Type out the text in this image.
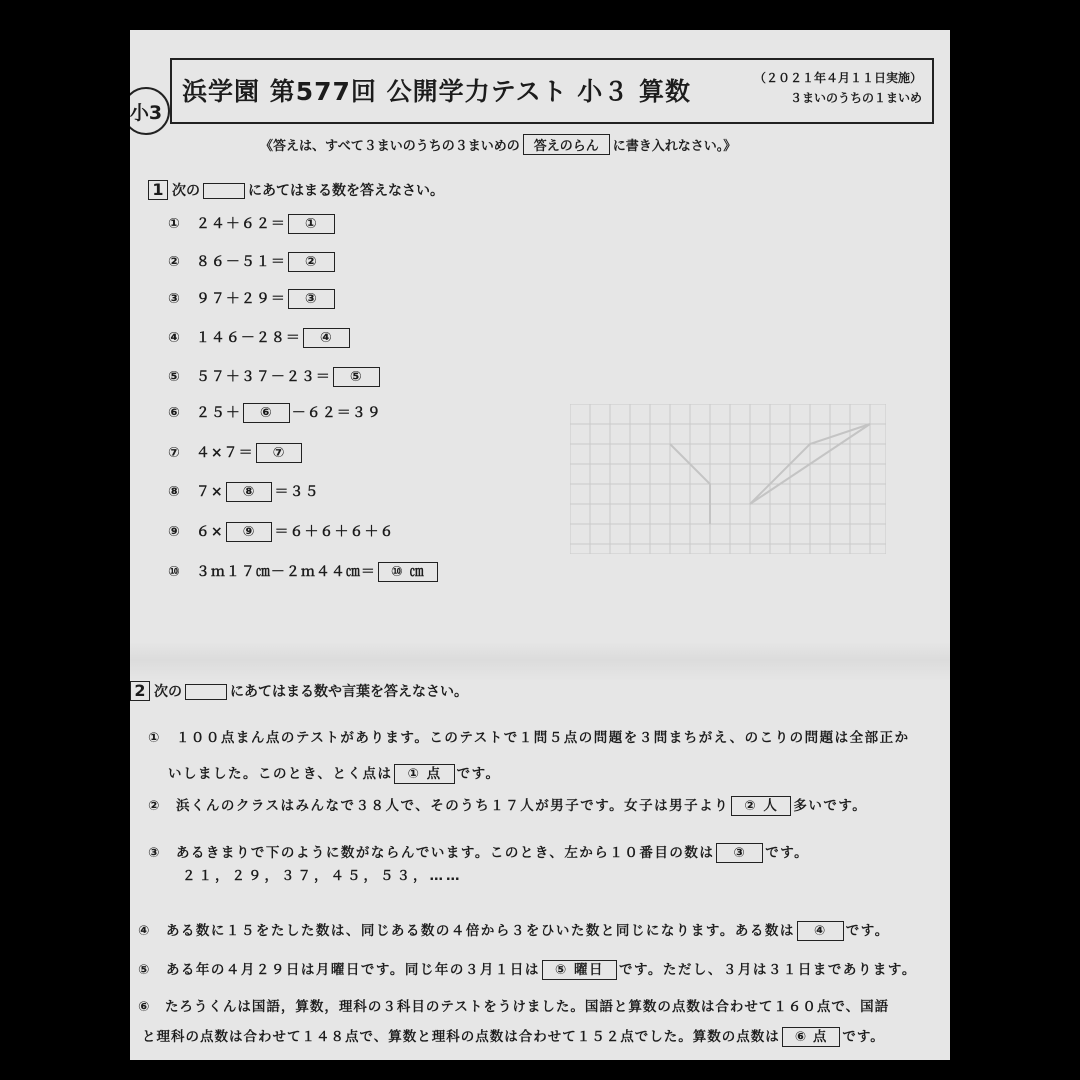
浜学園 第577回 公開学力テスト 小３ 算数	（２０２１年４月１１日実施）
３まいのうちの１まいめ
小3
《答えは、すべて３まいのうちの３まいめの 答えのらん に書き入れなさい。》
1 次の	にあてはまる数を答えなさい。
①　 ２４＋６２＝ ①
②　 ８６－５１＝ ②
③　 ９７＋２９＝ ③
④　 １４６－２８＝ ④
⑤　 ５７＋３７－２３＝ ⑤
⑥　 ２５＋ ⑥ －６２＝３９
⑦　 ４×７＝ ⑦
⑧　 ７× ⑧ ＝３５
⑨　 ６× ⑨ ＝６＋６＋６＋６
⑩　 ３ｍ１７㎝－２ｍ４４㎝＝ ⑩ ㎝
2 次の	にあてはまる数や言葉を答えなさい。
①　 １００点まん点のテストがあります。このテストで１問５点の問題を３問まちがえ、のこりの問題は全部正か
いしました。このとき、とく点は ① 点 です。
②　 浜くんのクラスはみんなで３８人で、そのうち１７人が男子です。女子は男子より ② 人 多いです。
③　 あるきまりで下のように数がならんでいます。このとき、左から１０番目の数は ③ です。
２１，２９，３７，４５，５３，……
④　 ある数に１５をたした数は、同じある数の４倍から３をひいた数と同じになります。ある数は ④ です。
⑤　 ある年の４月２９日は月曜日です。同じ年の３月１日は ⑤ 曜日 です。ただし、３月は３１日まであります。
⑥　 たろうくんは国語，算数，理科の３科目のテストをうけました。国語と算数の点数は合わせて１６０点で、国語
と理科の点数は合わせて１４８点で、算数と理科の点数は合わせて１５２点でした。算数の点数は ⑥ 点 です。
